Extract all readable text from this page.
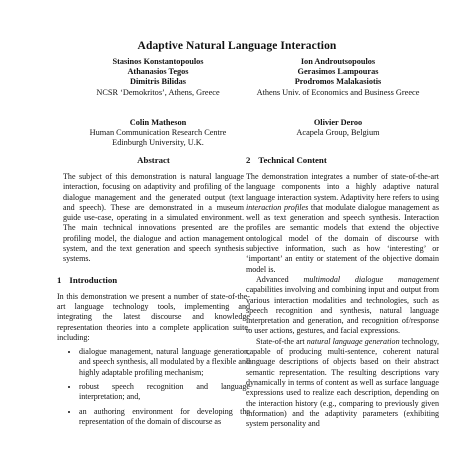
Adaptive Natural Language Interaction
Stasinos Konstantopoulos
Athanasios Tegos
Dimitris Bilidas
NCSR ‘Demokritos’, Athens, Greece
Ion Androutsopoulos
Gerasimos Lampouras
Prodromos Malakasiotis
Athens Univ. of Economics and Business Greece
Colin Matheson
Human Communication Research Centre
Edinburgh University, U.K.
Olivier Deroo
Acapela Group, Belgium
Abstract

The subject of this demonstration is natural language interaction, focusing on adaptivity and profiling of the dialogue management and the generated output (text and speech). These are demonstrated in a museum guide use-case, operating in a simulated environment. The main technical innovations presented are the profiling model, the dialogue and action management system, and the text generation and speech synthesis systems.

1 Introduction

In this demonstration we present a number of state-of-the-art language technology tools, implementing and integrating the latest discourse and knowledge representation theories into a complete application suite, including:

• dialogue management, natural language generation, and speech synthesis, all modulated by a flexible and highly adaptable profiling mechanism;
• robust speech recognition and language interpretation; and,
• an authoring environment for developing the representation of the domain of discourse as
2 Technical Content

The demonstration integrates a number of state-of-the-art language components into a highly adaptive natural language interaction system. Adaptivity here refers to using interaction profiles that modulate dialogue management as well as text generation and speech synthesis. Interaction profiles are semantic models that extend the objective ontological model of the domain of discourse with subjective information, such as how ‘interesting’ or ‘important’ an entity or statement of the objective domain model is.

Advanced multimodal dialogue management capabilities involving and combining input and output from various interaction modalities and technologies, such as speech recognition and synthesis, natural language interpretation and generation, and recognition of/response to user actions, gestures, and facial expressions.

State-of-the art natural language generation technology, capable of producing multi-sentence, coherent natural language descriptions of objects based on their abstract semantic representation. The resulting descriptions vary dynamically in terms of content as well as surface language expressions used to realize each description, depending on the interaction history (e.g., comparing to previously given information) and the adaptivity parameters (exhibiting system personality and
